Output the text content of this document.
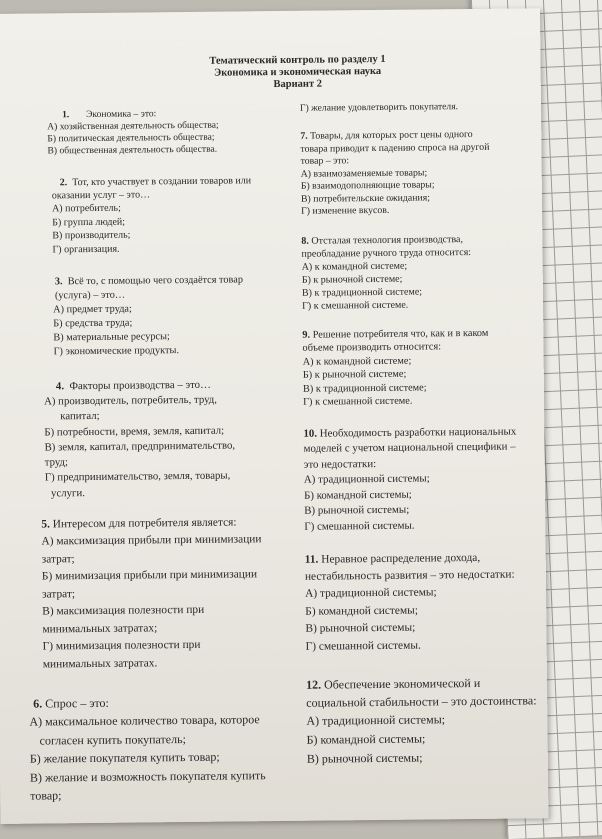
Тематический контроль по разделу 1
Экономика и экономическая наука
Вариант 2
1. Экономика – это:
А) хозяйственная деятельность общества;
Б) политическая деятельность общества;
В) общественная деятельность общества.
2. Тот, кто участвует в создании товаров или
оказании услуг – это…
А) потребитель;
Б) группа людей;
В) производитель;
Г) организация.
3. Всё то, с помощью чего создаётся товар
(услуга) – это…
А) предмет труда;
Б) средства труда;
В) материальные ресурсы;
Г) экономические продукты.
4. Факторы производства – это…
А) производитель, потребитель, труд,
капитал;
Б) потребности, время, земля, капитал;
В) земля, капитал, предпринимательство,
труд;
Г) предпринимательство, земля, товары,
услуги.
5. Интересом для потребителя является:
А) максимизация прибыли при минимизации
затрат;
Б) минимизация прибыли при минимизации
затрат;
В) максимизация полезности при
минимальных затратах;
Г) минимизация полезности при
минимальных затратах.
6. Спрос – это:
А) максимальное количество товара, которое
согласен купить покупатель;
Б) желание покупателя купить товар;
В) желание и возможность покупателя купить
товар;
Г) желание удовлетворить покупателя.
7. Товары, для которых рост цены одного
товара приводит к падению спроса на другой
товар – это:
А) взаимозаменяемые товары;
Б) взаимодополняющие товары;
В) потребительские ожидания;
Г) изменение вкусов.
8. Отсталая технология производства,
преобладание ручного труда относится:
А) к командной системе;
Б) к рыночной системе;
В) к традиционной системе;
Г) к смешанной системе.
9. Решение потребителя что, как и в каком
объеме производить относится:
А) к командной системе;
Б) к рыночной системе;
В) к традиционной системе;
Г) к смешанной системе.
10. Необходимость разработки национальных
моделей с учетом национальной специфики –
это недостатки:
А) традиционной системы;
Б) командной системы;
В) рыночной системы;
Г) смешанной системы.
11. Неравное распределение дохода,
нестабильность развития – это недостатки:
А) традиционной системы;
Б) командной системы;
В) рыночной системы;
Г) смешанной системы.
12. Обеспечение экономической и
социальной стабильности – это достоинства:
А) традиционной системы;
Б) командной системы;
В) рыночной системы;
